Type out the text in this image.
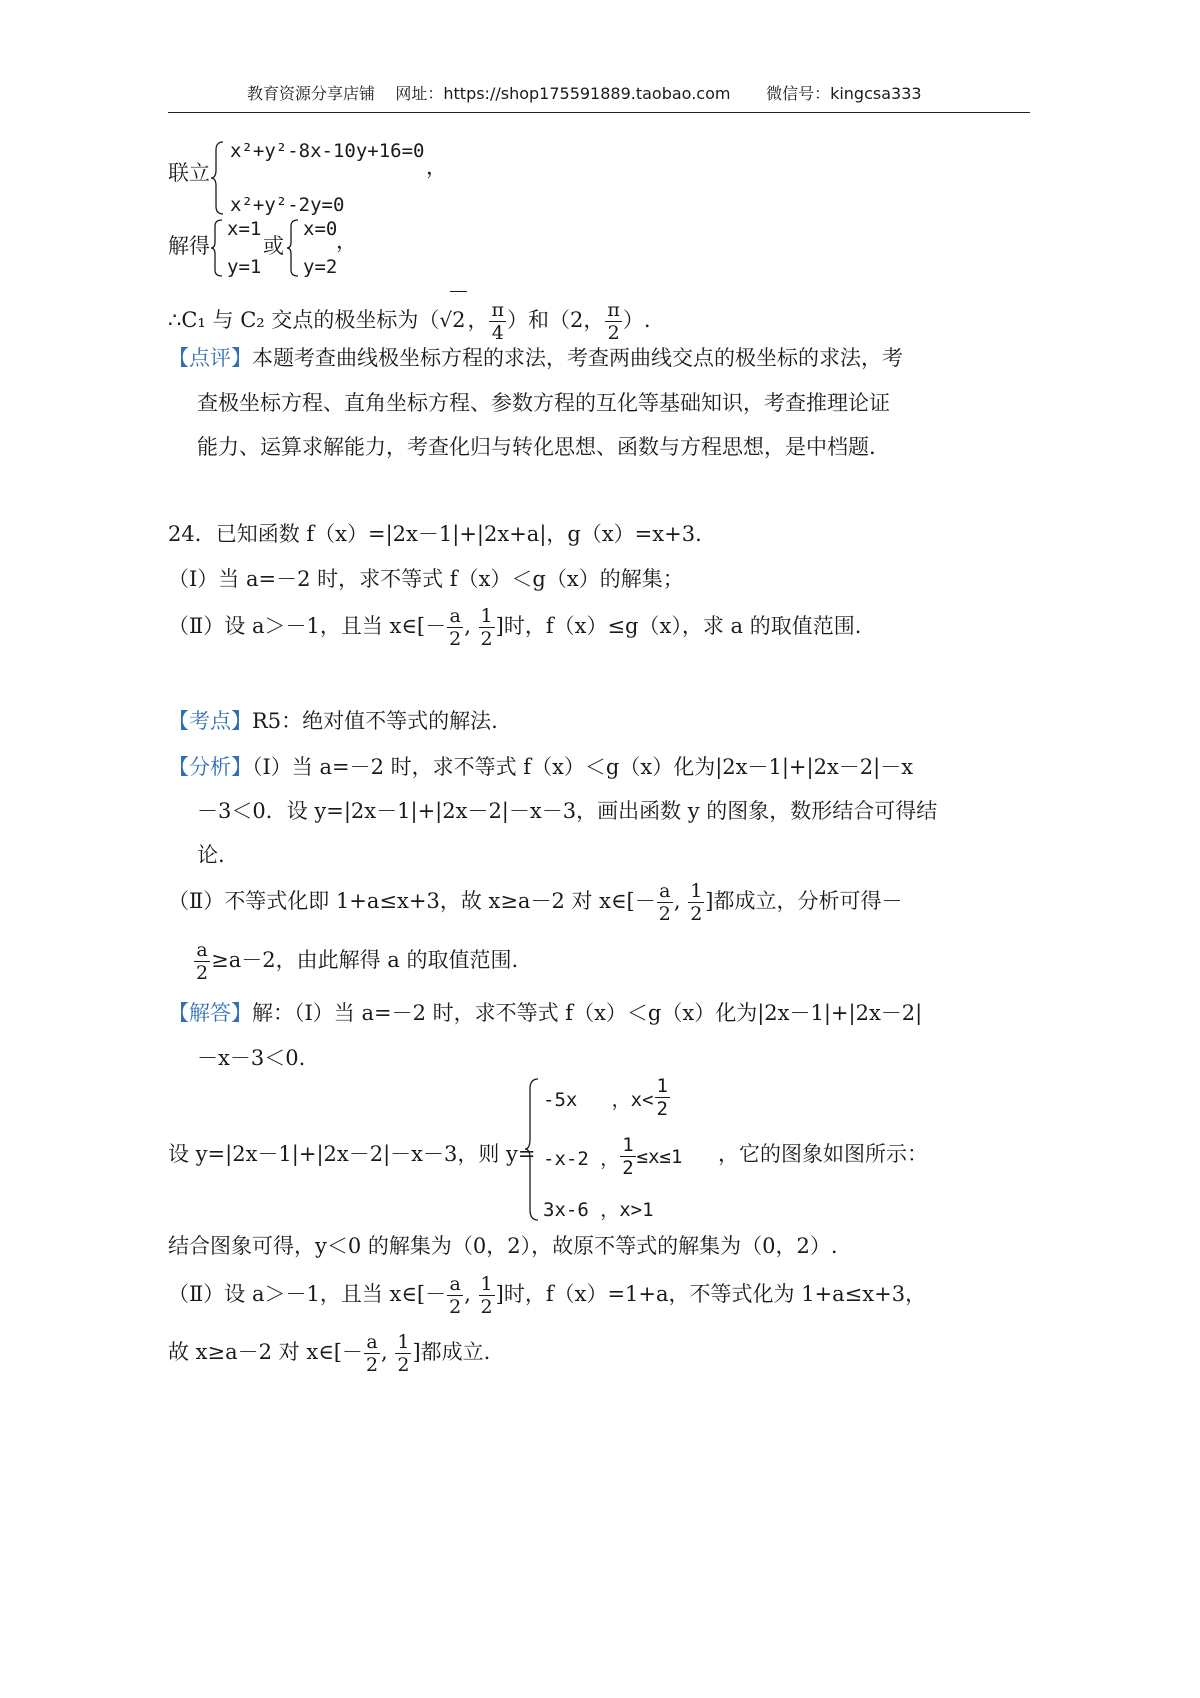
教育资源分享店铺 网址：https://shop175591889.taobao.com 微信号：kingcsa333
联立
x²+y²-8x-10y+16=0
x²+y²-2y=0
，
解得
x=1
y=1
或
x=0
y=2
，
∴C₁ 与 C₂ 交点的极坐标为（√2， $\frac{\pi}{4}$ ）和（2， $\frac{\pi}{2}$ ）.
【点评】本题考查曲线极坐标方程的求法，考查两曲线交点的极坐标的求法，考
查极坐标方程、直角坐标方程、参数方程的互化等基础知识，考查推理论证
能力、运算求解能力，考查化归与转化思想、函数与方程思想，是中档题.
24．已知函数 f（x）=|2x－1|+|2x+a|，g（x）=x+3.
（Ⅰ）当 a=－2 时，求不等式 f（x）＜g（x）的解集；
（Ⅱ）设 a＞－1，且当 x∈[－ $\frac{a}{2}$ , $\frac{1}{2}$ ]时，f（x）≤g（x），求 a 的取值范围.
【考点】R5：绝对值不等式的解法.
【分析】（Ⅰ）当 a=－2 时，求不等式 f（x）＜g（x）化为|2x－1|+|2x－2|－x
－3＜0．设 y=|2x－1|+|2x－2|－x－3，画出函数 y 的图象，数形结合可得结
论.
（Ⅱ）不等式化即 1+a≤x+3，故 x≥a－2 对 x∈[－ $\frac{a}{2}$ , $\frac{1}{2}$ ]都成立，分析可得－
$\frac{a}{2} \ge a-2$，由此解得 a 的取值范围.
【解答】解：（Ⅰ）当 a=－2 时，求不等式 f（x）＜g（x）化为|2x－1|+|2x－2|
－x－3＜0.
设 y=|2x－1|+|2x－2|－x－3，则 y=
-5x   ，$x< \frac{1}{2}$
-x-2 ， $\frac{1}{2} \le x\le 1$
3x-6 ，x>1
，它的图象如图所示：
结合图象可得，y＜0 的解集为（0，2），故原不等式的解集为（0，2）.
（Ⅱ）设 a＞－1，且当 x∈[－ $\frac{a}{2}$ , $\frac{1}{2}$ ]时，f（x）=1+a，不等式化为 1+a≤x+3，
故 x≥a－2 对 x∈[－ $\frac{a}{2}$ , $\frac{1}{2}$ ]都成立.
